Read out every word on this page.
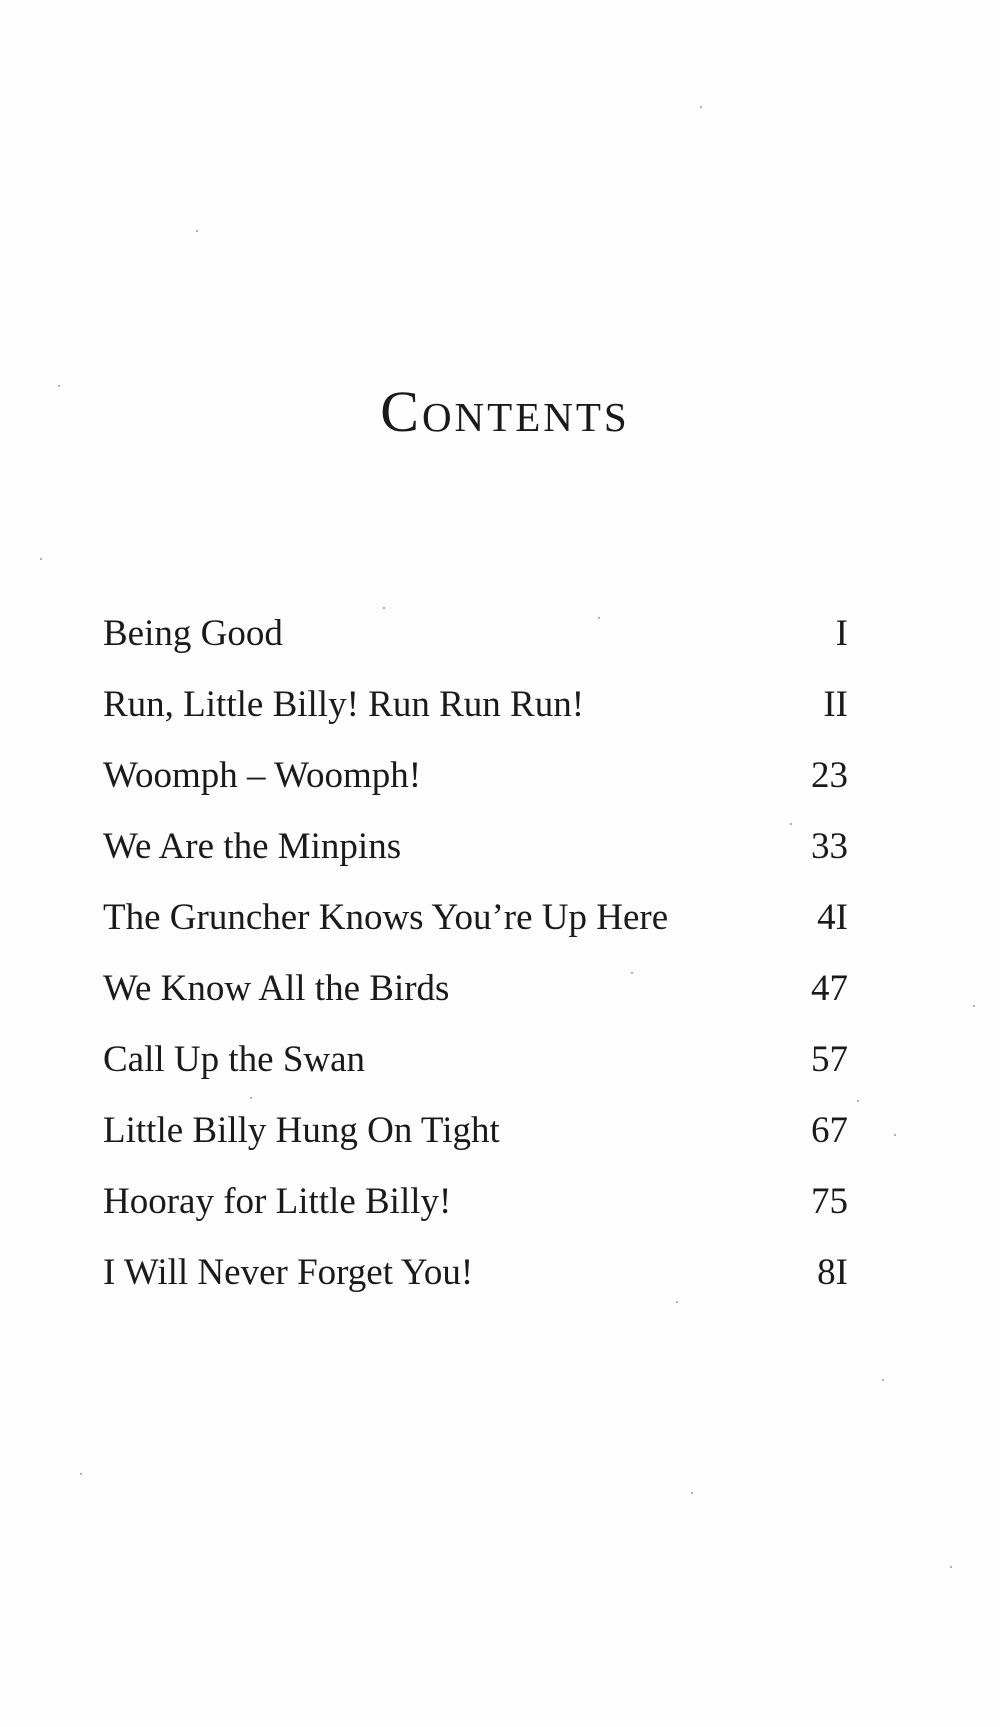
Contents
Being Good	I
Run, Little Billy! Run Run Run!	II
Woomph – Woomph!	23
We Are the Minpins	33
The Gruncher Knows You’re Up Here	4I
We Know All the Birds	47
Call Up the Swan	57
Little Billy Hung On Tight	67
Hooray for Little Billy!	75
I Will Never Forget You!	8I
